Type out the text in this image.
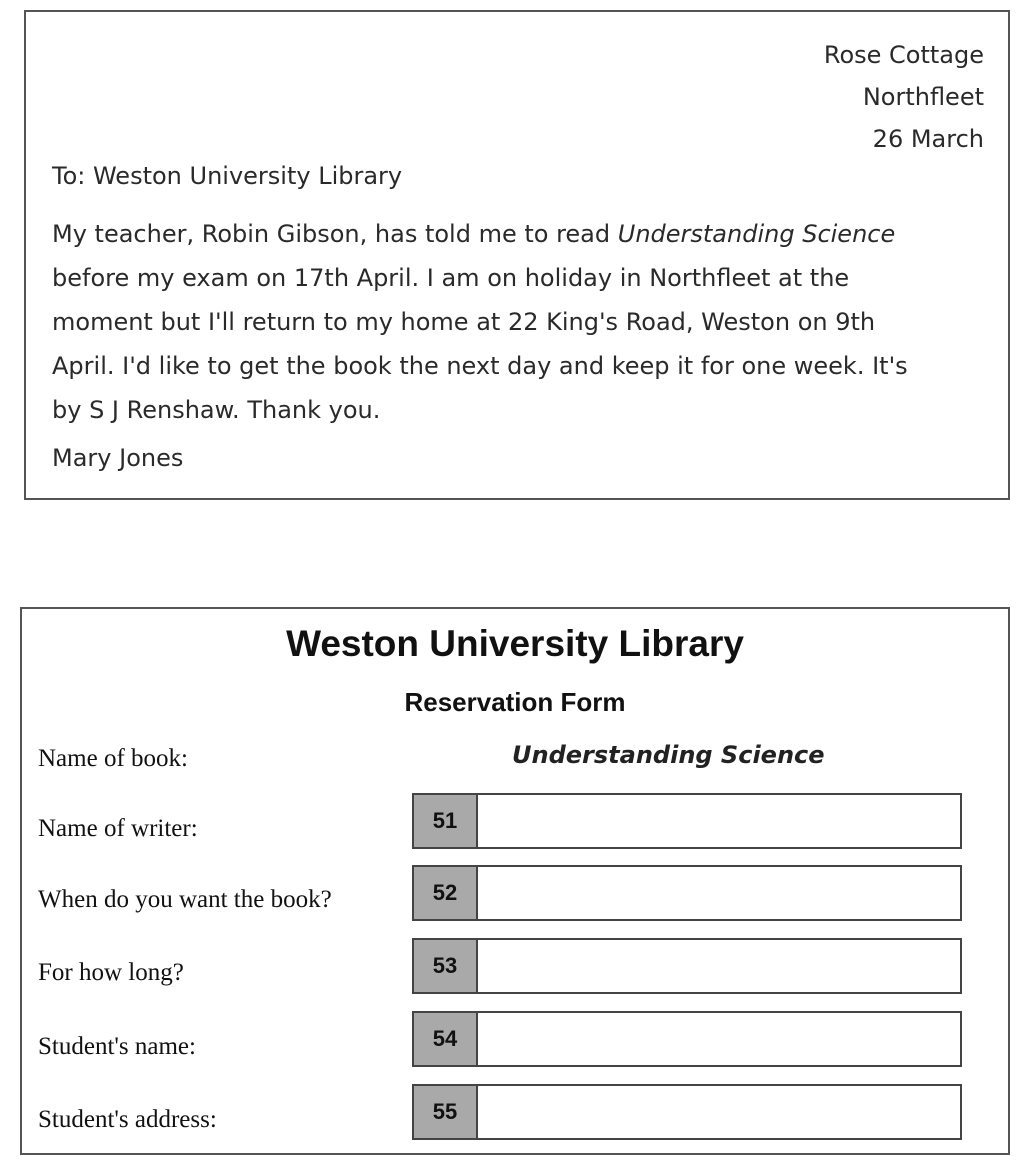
Rose Cottage
Northfleet
26 March
To: Weston University Library
My teacher, Robin Gibson, has told me to read Understanding Science
before my exam on 17th April. I am on holiday in Northfleet at the
moment but I'll return to my home at 22 King's Road, Weston on 9th
April. I'd like to get the book the next day and keep it for one week. It's
by S J Renshaw. Thank you.
Mary Jones
Weston University Library
Reservation Form
Name of book:	Understanding Science
Name of writer:	51
When do you want the book?	52
For how long?	53
Student's name:	54
Student's address:	55
